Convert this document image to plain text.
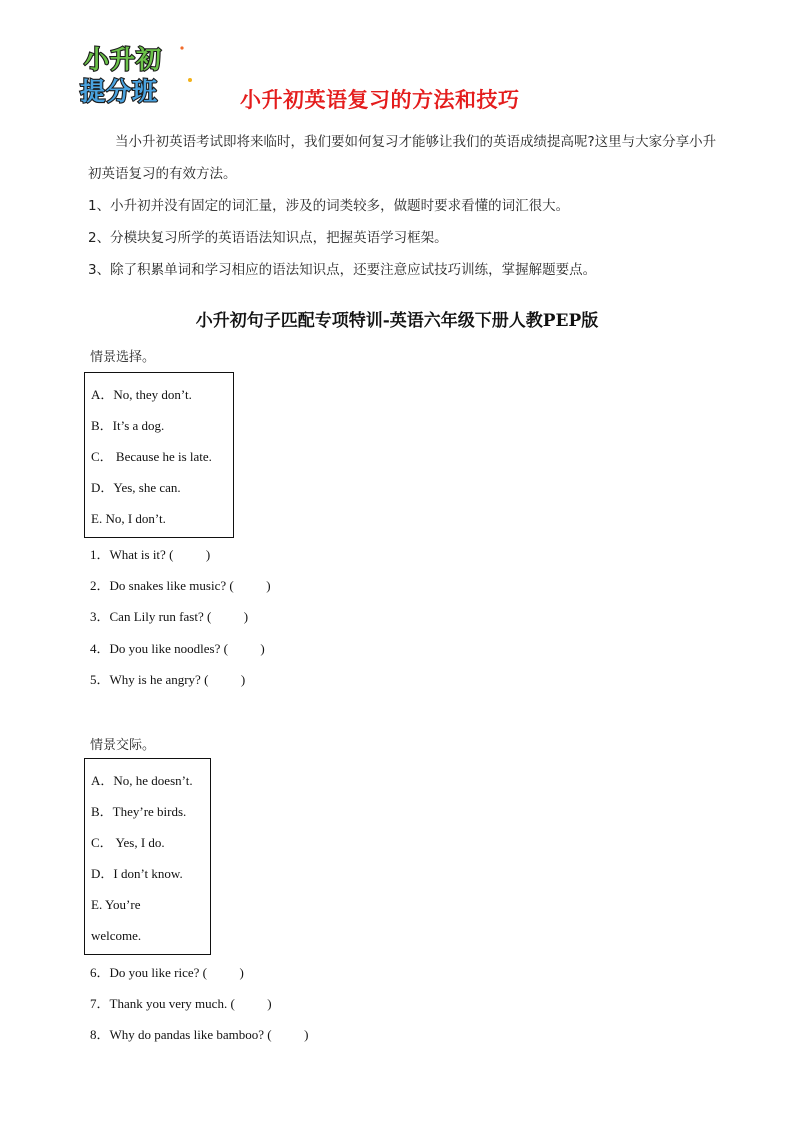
小升初
提分班	小升初英语复习的方法和技巧

当小升初英语考试即将来临时，我们要如何复习才能够让我们的英语成绩提高呢?这里与大家分享小升初英语复习的有效方法。

1、小升初并没有固定的词汇量，涉及的词类较多，做题时要求看懂的词汇很大。

2、分模块复习所学的英语语法知识点，把握英语学习框架。

3、除了积累单词和学习相应的语法知识点，还要注意应试技巧训练，掌握解题要点。

小升初句子匹配专项特训-英语六年级下册人教PEP版
情景选择。
A．No, they don’t.
B．It’s a dog.
C． Because he is late.
D．Yes, she can.
E. No, I don’t.
1．What is it? (          )
2．Do snakes like music? (          )
3．Can Lily run fast? (          )
4．Do you like noodles? (          )
5．Why is he angry? (          )
情景交际。
A．No, he doesn’t.
B．They’re birds.
C． Yes, I do.
D．I don’t know.
E. You’re
welcome.
6．Do you like rice? (          )
7．Thank you very much. (          )
8．Why do pandas like bamboo? (          )
